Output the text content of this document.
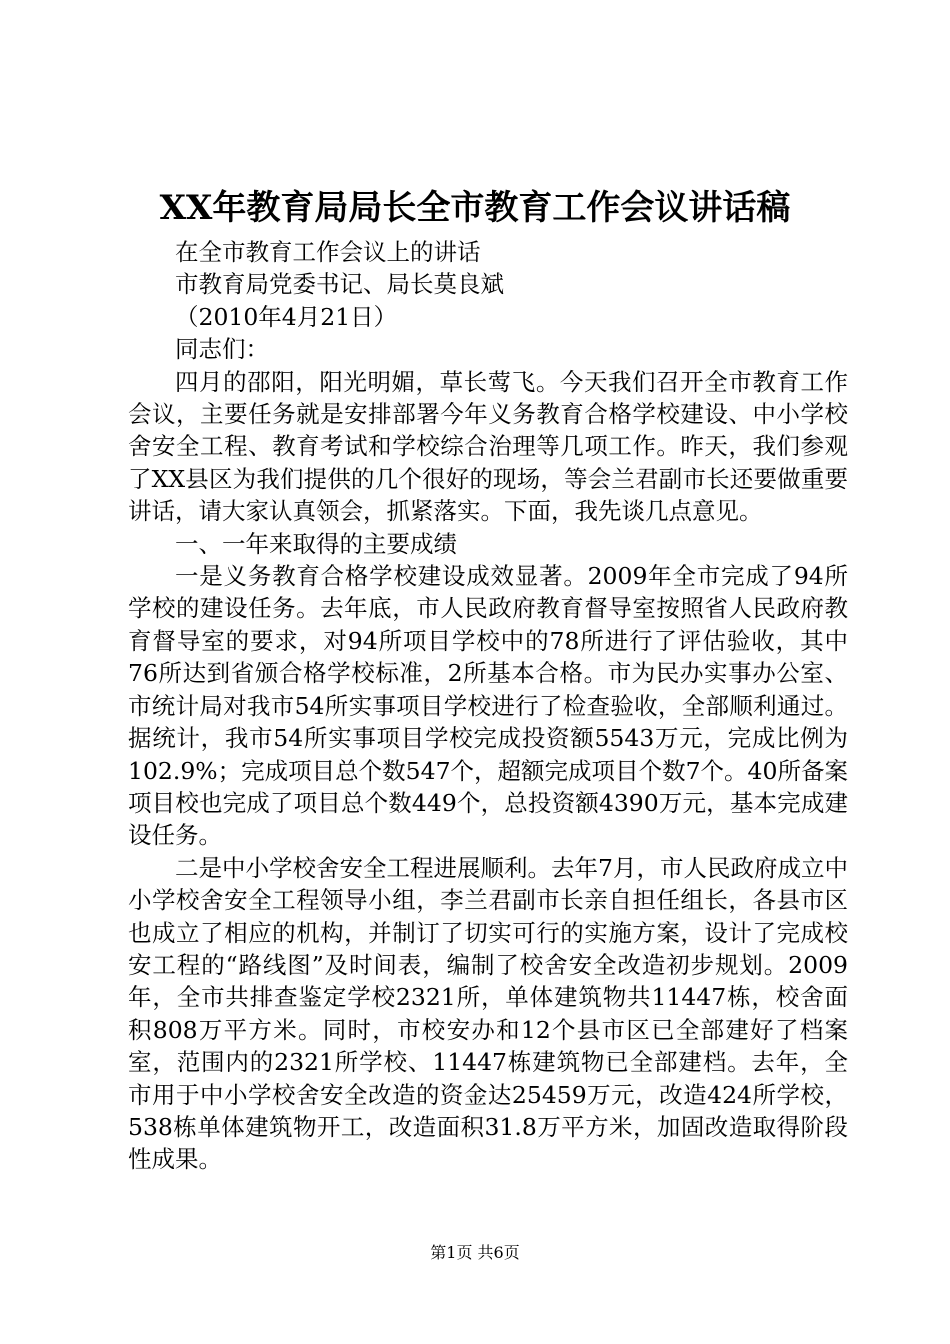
XX年教育局局长全市教育工作会议讲话稿

在全市教育工作会议上的讲话

市教育局党委书记、局长莫良斌

（2010年4月21日）

同志们：

四月的邵阳，阳光明媚，草长莺飞。今天我们召开全市教育工作会议，主要任务就是安排部署今年义务教育合格学校建设、中小学校舍安全工程、教育考试和学校综合治理等几项工作。昨天，我们参观了XX县区为我们提供的几个很好的现场，等会兰君副市长还要做重要讲话，请大家认真领会，抓紧落实。下面，我先谈几点意见。

一、一年来取得的主要成绩

一是义务教育合格学校建设成效显著。2009年全市完成了94所学校的建设任务。去年底，市人民政府教育督导室按照省人民政府教育督导室的要求，对94所项目学校中的78所进行了评估验收，其中76所达到省颁合格学校标准，2所基本合格。市为民办实事办公室、市统计局对我市54所实事项目学校进行了检查验收，全部顺利通过。据统计，我市54所实事项目学校完成投资额5543万元，完成比例为102.9%；完成项目总个数547个，超额完成项目个数7个。40所备案项目校也完成了项目总个数449个，总投资额4390万元，基本完成建设任务。

二是中小学校舍安全工程进展顺利。去年7月，市人民政府成立中小学校舍安全工程领导小组，李兰君副市长亲自担任组长，各县市区也成立了相应的机构，并制订了切实可行的实施方案，设计了完成校安工程的“路线图”及时间表，编制了校舍安全改造初步规划。2009年，全市共排查鉴定学校2321所，单体建筑物共11447栋，校舍面积808万平方米。同时，市校安办和12个县市区已全部建好了档案室，范围内的2321所学校、11447栋建筑物已全部建档。去年，全市用于中小学校舍安全改造的资金达25459万元，改造424所学校，538栋单体建筑物开工，改造面积31.8万平方米，加固改造取得阶段性成果。

第1页 共6页
